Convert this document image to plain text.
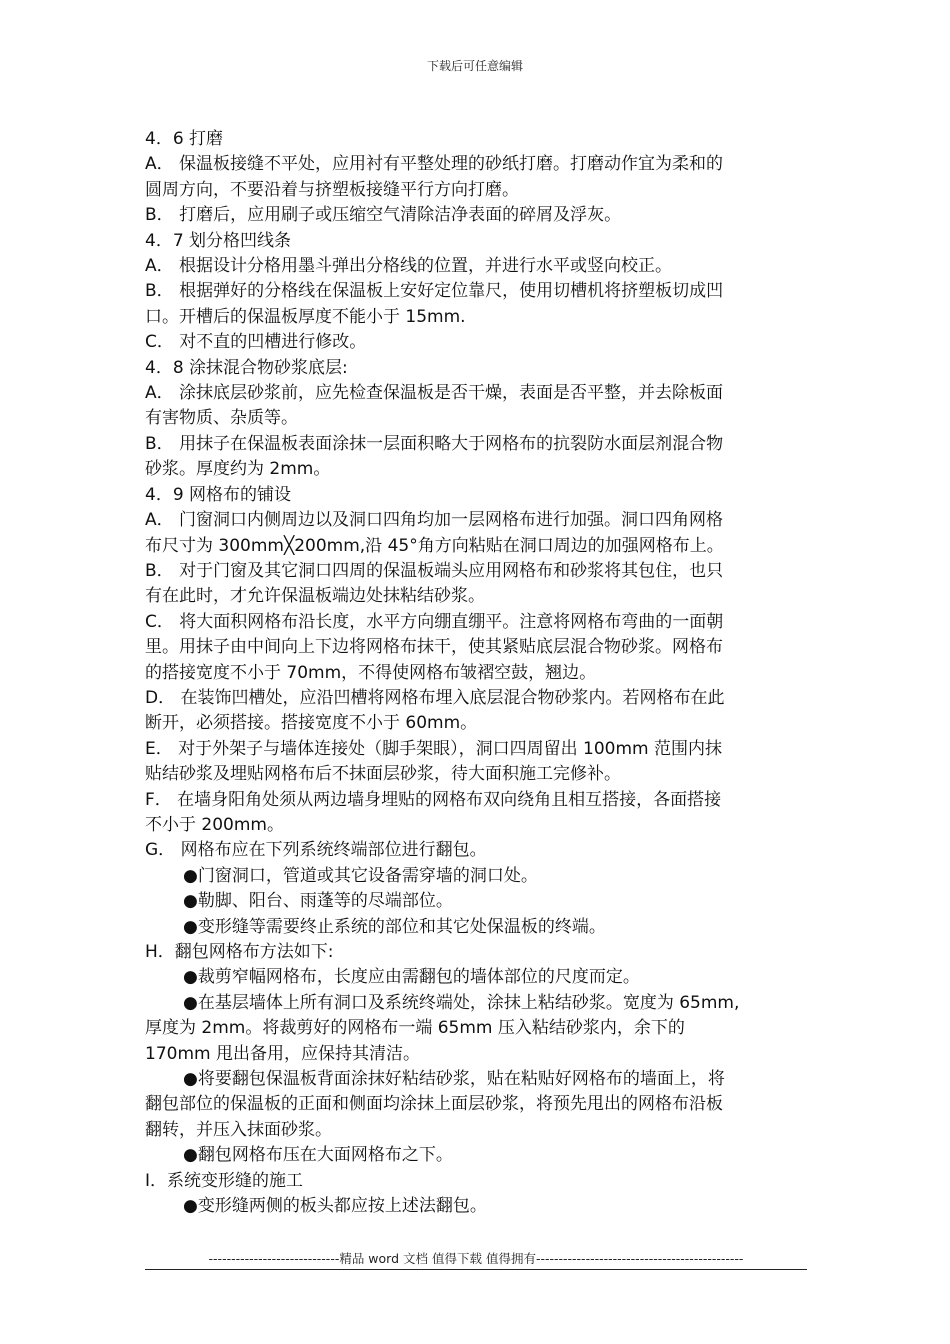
下载后可任意编辑

4．6 打磨

A． 保温板接缝不平处，应用衬有平整处理的砂纸打磨。打磨动作宜为柔和的

圆周方向，不要沿着与挤塑板接缝平行方向打磨。

B． 打磨后，应用刷子或压缩空气清除洁净表面的碎屑及浮灰。

4．7 划分格凹线条

A． 根据设计分格用墨斗弹出分格线的位置，并进行水平或竖向校正。

B． 根据弹好的分格线在保温板上安好定位靠尺，使用切槽机将挤塑板切成凹

口。开槽后的保温板厚度不能小于 15mm.

C． 对不直的凹槽进行修改。

4．8 涂抹混合物砂浆底层:

A． 涂抹底层砂浆前，应先检查保温板是否干燥，表面是否平整，并去除板面

有害物质、杂质等。

B． 用抹子在保温板表面涂抹一层面积略大于网格布的抗裂防水面层剂混合物

砂浆。厚度约为 2mm。

4．9 网格布的铺设

A． 门窗洞口内侧周边以及洞口四角均加一层网格布进行加强。洞口四角网格

布尺寸为 300mm╳200mm,沿 45°角方向粘贴在洞口周边的加强网格布上。

B． 对于门窗及其它洞口四周的保温板端头应用网格布和砂浆将其包住，也只

有在此时，才允许保温板端边处抹粘结砂浆。

C． 将大面积网格布沿长度，水平方向绷直绷平。注意将网格布弯曲的一面朝

里。用抹子由中间向上下边将网格布抹干，使其紧贴底层混合物砂浆。网格布

的搭接宽度不小于 70mm，不得使网格布皱褶空鼓，翘边。

D． 在装饰凹槽处，应沿凹槽将网格布埋入底层混合物砂浆内。若网格布在此

断开，必须搭接。搭接宽度不小于 60mm。

E． 对于外架子与墙体连接处（脚手架眼），洞口四周留出 100mm 范围内抹

贴结砂浆及埋贴网格布后不抹面层砂浆，待大面积施工完修补。

F． 在墙身阳角处须从两边墙身埋贴的网格布双向绕角且相互搭接，各面搭接

不小于 200mm。

G． 网格布应在下列系统终端部位进行翻包。

●门窗洞口，管道或其它设备需穿墙的洞口处。

●勒脚、阳台、雨蓬等的尽端部位。

●变形缝等需要终止系统的部位和其它处保温板的终端。

H．翻包网格布方法如下:

●裁剪窄幅网格布，长度应由需翻包的墙体部位的尺度而定。

●在基层墙体上所有洞口及系统终端处，涂抹上粘结砂浆。宽度为 65mm,

厚度为 2mm。将裁剪好的网格布一端 65mm 压入粘结砂浆内，余下的

170mm 甩出备用，应保持其清洁。

●将要翻包保温板背面涂抹好粘结砂浆，贴在粘贴好网格布的墙面上，将

翻包部位的保温板的正面和侧面均涂抹上面层砂浆，将预先甩出的网格布沿板

翻转，并压入抹面砂浆。

●翻包网格布压在大面网格布之下。

I．系统变形缝的施工

●变形缝两侧的板头都应按上述法翻包。

-----------------------------精品 word 文档 值得下载 值得拥有----------------------------------------------
